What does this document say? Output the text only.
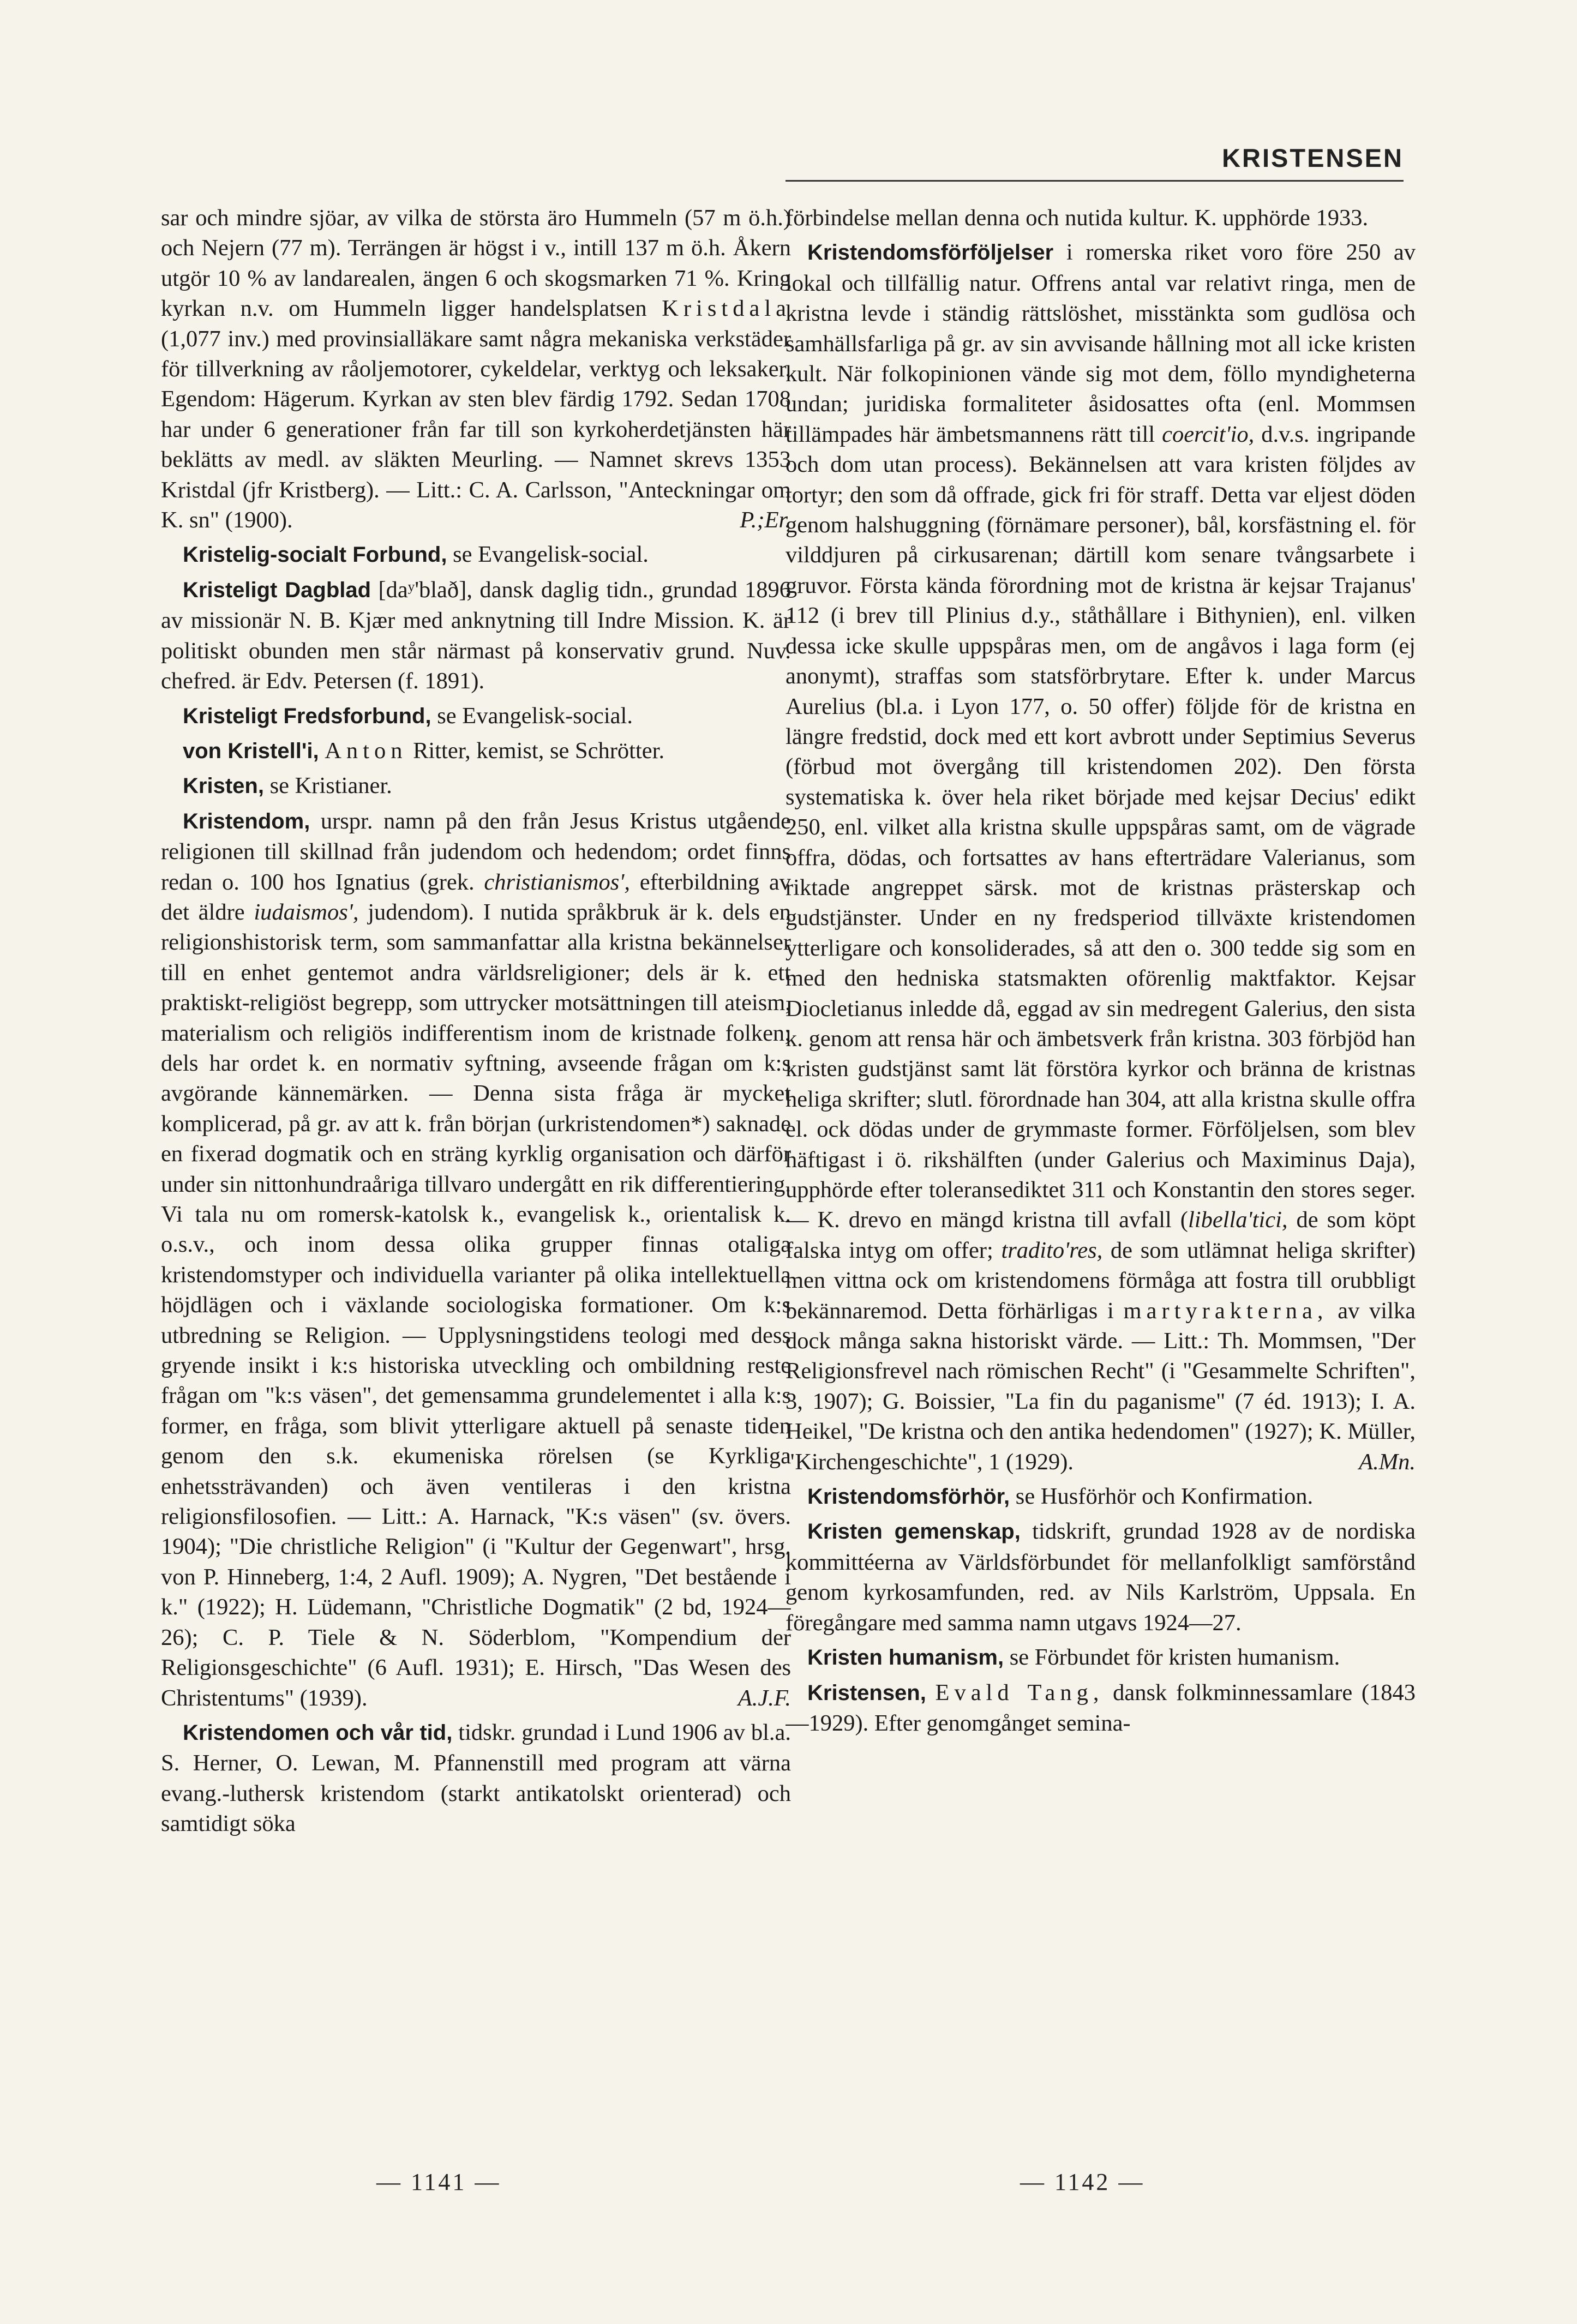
KRISTENSEN

sar och mindre sjöar, av vilka de största äro Hummeln (57 m ö.h.) och Nejern (77 m). Terrängen är högst i v., intill 137 m ö.h. Åkern utgör 10 % av landarealen, ängen 6 och skogsmarken 71 %. Kring kyrkan n.v. om Hummeln ligger handelsplatsen Kristdala (1,077 inv.) med provinsialläkare samt några mekaniska verkstäder för tillverkning av råoljemotorer, cykeldelar, verktyg och leksaker. Egendom: Hägerum. Kyrkan av sten blev färdig 1792. Sedan 1708 har under 6 generationer från far till son kyrkoherdetjänsten här beklätts av medl. av släkten Meurling. — Namnet skrevs 1353 Kristdal (jfr Kristberg). — Litt.: C. A. Carlsson, "Anteckningar om K. sn" (1900).	P.;Er.

Kristelig-socialt Forbund, se Evangelisk-social.

Kristeligt Dagblad [daʸ'blað], dansk daglig tidn., grundad 1896 av missionär N. B. Kjær med anknytning till Indre Mission. K. är politiskt obunden men står närmast på konservativ grund. Nuv. chefred. är Edv. Petersen (f. 1891).

Kristeligt Fredsforbund, se Evangelisk-social.

von Kristell'i, Anton Ritter, kemist, se Schrötter.

Kristen, se Kristianer.

Kristendom, urspr. namn på den från Jesus Kristus utgående religionen till skillnad från judendom och hedendom; ordet finns redan o. 100 hos Ignatius (grek. christianismos', efterbildning av det äldre iudaismos', judendom). I nutida språkbruk är k. dels en religionshistorisk term, som sammanfattar alla kristna bekännelser till en enhet gentemot andra världsreligioner; dels är k. ett praktiskt-religiöst begrepp, som uttrycker motsättningen till ateism, materialism och religiös indifferentism inom de kristnade folken; dels har ordet k. en normativ syftning, avseende frågan om k:s avgörande kännemärken. — Denna sista fråga är mycket komplicerad, på gr. av att k. från början (urkristendomen*) saknade en fixerad dogmatik och en sträng kyrklig organisation och därför under sin nittonhundraåriga tillvaro undergått en rik differentiering. Vi tala nu om romersk-katolsk k., evangelisk k., orientalisk k. o.s.v., och inom dessa olika grupper finnas otaliga kristendomstyper och individuella varianter på olika intellektuella höjdlägen och i växlande sociologiska formationer. Om k:s utbredning se Religion. — Upplysningstidens teologi med dess gryende insikt i k:s historiska utveckling och ombildning reste frågan om "k:s väsen", det gemensamma grundelementet i alla k:s former, en fråga, som blivit ytterligare aktuell på senaste tiden genom den s.k. ekumeniska rörelsen (se Kyrkliga enhetssträvanden) och även ventileras i den kristna religionsfilosofien. — Litt.: A. Harnack, "K:s väsen" (sv. övers. 1904); "Die christliche Religion" (i "Kultur der Gegenwart", hrsg. von P. Hinneberg, 1:4, 2 Aufl. 1909); A. Nygren, "Det bestående i k." (1922); H. Lüdemann, "Christliche Dogmatik" (2 bd, 1924—26); C. P. Tiele & N. Söderblom, "Kompendium der Religionsgeschichte" (6 Aufl. 1931); E. Hirsch, "Das Wesen des Christentums" (1939).	A.J.F.

Kristendomen och vår tid, tidskr. grundad i Lund 1906 av bl.a. S. Herner, O. Lewan, M. Pfannenstill med program att värna evang.-luthersk kristendom (starkt antikatolskt orienterad) och samtidigt söka

förbindelse mellan denna och nutida kultur. K. upphörde 1933.

Kristendomsförföljelser i romerska riket voro före 250 av lokal och tillfällig natur. Offrens antal var relativt ringa, men de kristna levde i ständig rättslöshet, misstänkta som gudlösa och samhällsfarliga på gr. av sin avvisande hållning mot all icke kristen kult. När folkopinionen vände sig mot dem, föllo myndigheterna undan; juridiska formaliteter åsidosattes ofta (enl. Mommsen tillämpades här ämbetsmannens rätt till coercit'io, d.v.s. ingripande och dom utan process). Bekännelsen att vara kristen följdes av tortyr; den som då offrade, gick fri för straff. Detta var eljest döden genom halshuggning (förnämare personer), bål, korsfästning el. för vilddjuren på cirkusarenan; därtill kom senare tvångsarbete i gruvor. Första kända förordning mot de kristna är kejsar Trajanus' 112 (i brev till Plinius d.y., ståthållare i Bithynien), enl. vilken dessa icke skulle uppspåras men, om de angåvos i laga form (ej anonymt), straffas som statsförbrytare. Efter k. under Marcus Aurelius (bl.a. i Lyon 177, o. 50 offer) följde för de kristna en längre fredstid, dock med ett kort avbrott under Septimius Severus (förbud mot övergång till kristendomen 202). Den första systematiska k. över hela riket började med kejsar Decius' edikt 250, enl. vilket alla kristna skulle uppspåras samt, om de vägrade offra, dödas, och fortsattes av hans efterträdare Valerianus, som riktade angreppet särsk. mot de kristnas prästerskap och gudstjänster. Under en ny fredsperiod tillväxte kristendomen ytterligare och konsoliderades, så att den o. 300 tedde sig som en med den hedniska statsmakten oförenlig maktfaktor. Kejsar Diocletianus inledde då, eggad av sin medregent Galerius, den sista k. genom att rensa här och ämbetsverk från kristna. 303 förbjöd han kristen gudstjänst samt lät förstöra kyrkor och bränna de kristnas heliga skrifter; slutl. förordnade han 304, att alla kristna skulle offra el. ock dödas under de grymmaste former. Förföljelsen, som blev häftigast i ö. rikshälften (under Galerius och Maximinus Daja), upphörde efter toleransediktet 311 och Konstantin den stores seger. — K. drevo en mängd kristna till avfall (libella'tici, de som köpt falska intyg om offer; tradito'res, de som utlämnat heliga skrifter) men vittna ock om kristendomens förmåga att fostra till orubbligt bekännaremod. Detta förhärligas i martyrakterna, av vilka dock många sakna historiskt värde. — Litt.: Th. Mommsen, "Der Religionsfrevel nach römischen Recht" (i "Gesammelte Schriften", 3, 1907); G. Boissier, "La fin du paganisme" (7 éd. 1913); I. A. Heikel, "De kristna och den antika hedendomen" (1927); K. Müller, "Kirchengeschichte", 1 (1929).	A.Mn.

Kristendomsförhör, se Husförhör och Konfirmation.

Kristen gemenskap, tidskrift, grundad 1928 av de nordiska kommittéerna av Världsförbundet för mellanfolkligt samförstånd genom kyrkosamfunden, red. av Nils Karlström, Uppsala. En föregångare med samma namn utgavs 1924—27.

Kristen humanism, se Förbundet för kristen humanism.

Kristensen, Evald Tang, dansk folkminnessamlare (1843—1929). Efter genomgånget semina-

— 1141 —	— 1142 —
